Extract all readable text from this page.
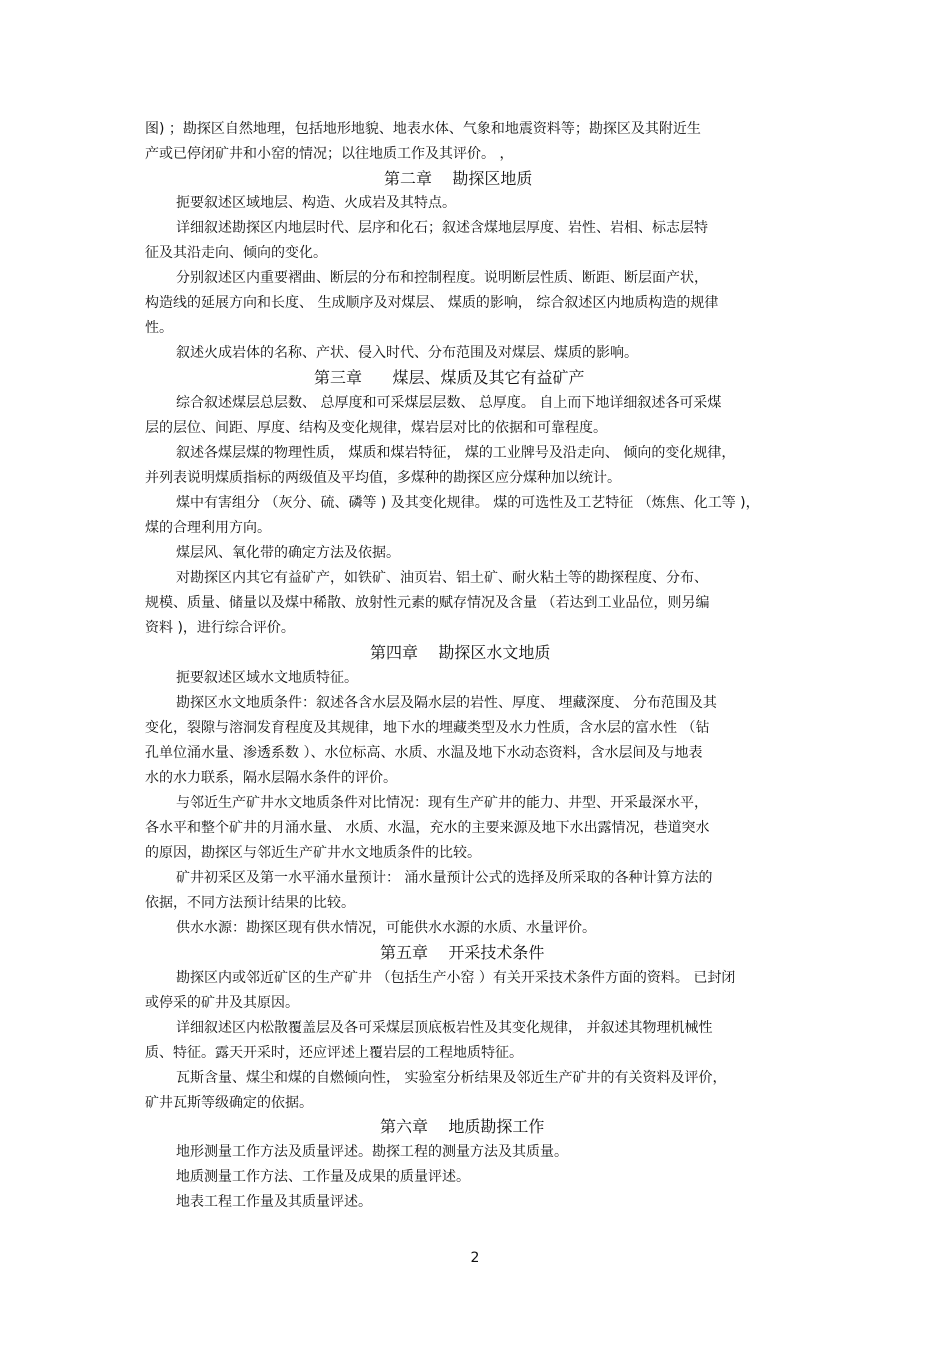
图) ；勘探区自然地理，包括地形地貌、地表水体、气象和地震资料等；勘探区及其附近生
产或已停闭矿井和小窑的情况；以往地质工作及其评价。 ，
第二章    勘探区地质
扼要叙述区域地层、构造、火成岩及其特点。
详细叙述勘探区内地层时代、层序和化石；叙述含煤地层厚度、岩性、岩相、标志层特
征及其沿走向、倾向的变化。
分别叙述区内重要褶曲、断层的分布和控制程度。说明断层性质、断距、断层面产状，
构造线的延展方向和长度、 生成顺序及对煤层、 煤质的影响， 综合叙述区内地质构造的规律
性。
叙述火成岩体的名称、产状、侵入时代、分布范围及对煤层、煤质的影响。
第三章      煤层、煤质及其它有益矿产
综合叙述煤层总层数、 总厚度和可采煤层层数、 总厚度。 自上而下地详细叙述各可采煤
层的层位、间距、厚度、结构及变化规律，煤岩层对比的依据和可靠程度。
叙述各煤层煤的物理性质， 煤质和煤岩特征， 煤的工业牌号及沿走向、 倾向的变化规律，
并列表说明煤质指标的两级值及平均值，多煤种的勘探区应分煤种加以统计。
煤中有害组分 （灰分、硫、磷等 ) 及其变化规律。 煤的可选性及工艺特征 （炼焦、化工等 )，
煤的合理利用方向。
煤层风、氧化带的确定方法及依据。
对勘探区内其它有益矿产，如铁矿、油页岩、铝土矿、耐火粘土等的勘探程度、分布、
规模、质量、储量以及煤中稀散、放射性元素的赋存情况及含量 （若达到工业品位，则另编
资料 )，进行综合评价。
第四章    勘探区水文地质
扼要叙述区域水文地质特征。
勘探区水文地质条件：叙述各含水层及隔水层的岩性、厚度、 埋藏深度、 分布范围及其
变化，裂隙与溶洞发育程度及其规律，地下水的埋藏类型及水力性质，含水层的富水性 （钻
孔单位涌水量、渗透系数 ）、水位标高、水质、水温及地下水动态资料，含水层间及与地表
水的水力联系，隔水层隔水条件的评价。
与邻近生产矿井水文地质条件对比情况：现有生产矿井的能力、井型、开采最深水平，
各水平和整个矿井的月涌水量、 水质、水温，充水的主要来源及地下水出露情况，巷道突水
的原因，勘探区与邻近生产矿井水文地质条件的比较。
矿井初采区及第一水平涌水量预计： 涌水量预计公式的选择及所采取的各种计算方法的
依据，不同方法预计结果的比较。
供水水源：勘探区现有供水情况，可能供水水源的水质、水量评价。
第五章    开采技术条件
勘探区内或邻近矿区的生产矿井 （包括生产小窑 ）有关开采技术条件方面的资料。 已封闭
或停采的矿井及其原因。
详细叙述区内松散覆盖层及各可采煤层顶底板岩性及其变化规律， 并叙述其物理机械性
质、特征。露天开采时，还应评述上覆岩层的工程地质特征。
瓦斯含量、煤尘和煤的自燃倾向性， 实验室分析结果及邻近生产矿井的有关资料及评价，
矿井瓦斯等级确定的依据。
第六章    地质勘探工作
地形测量工作方法及质量评述。勘探工程的测量方法及其质量。
地质测量工作方法、工作量及成果的质量评述。
地表工程工作量及其质量评述。
2
